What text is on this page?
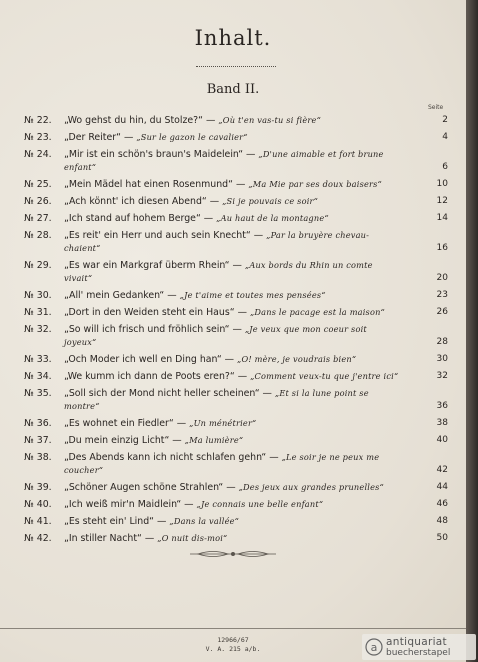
Inhalt.
Band II.
Seite
№ 22. „Wo gehst du hin, du Stolze?“ — „Où t'en vas-tu si fière“	2
№ 23. „Der Reiter“ — „Sur le gazon le cavalier“	4
№ 24. „Mir ist ein schön's braun's Maidelein“ — „D'une aimable et fort brune
enfant“	6
№ 25. „Mein Mädel hat einen Rosenmund“ — „Ma Mie par ses doux baisers“	10
№ 26. „Ach könnt' ich diesen Abend“ — „Si je pouvais ce soir“	12
№ 27. „Ich stand auf hohem Berge“ — „Au haut de la montagne“	14
№ 28. „Es reit' ein Herr und auch sein Knecht“ — „Par la bruyère chevau-
chaient“	16
№ 29. „Es war ein Markgraf überm Rhein“ — „Aux bords du Rhin un comte
vivait“	20
№ 30. „All' mein Gedanken“ — „Je t'aime et toutes mes pensées“	23
№ 31. „Dort in den Weiden steht ein Haus“ — „Dans le pacage est la maison“	26
№ 32. „So will ich frisch und fröhlich sein“ — „Je veux que mon coeur soit
joyeux“	28
№ 33. „Och Moder ich well en Ding han“ — „O! mère, je voudrais bien“	30
№ 34. „We kumm ich dann de Poots eren?“ — „Comment veux-tu que j'entre ici“	32
№ 35. „Soll sich der Mond nicht heller scheinen“ — „Et si la lune point se
montre“	36
№ 36. „Es wohnet ein Fiedler“ — „Un ménétrier“	38
№ 37. „Du mein einzig Licht“ — „Ma lumière“	40
№ 38. „Des Abends kann ich nicht schlafen gehn“ — „Le soir je ne peux me
coucher“	42
№ 39. „Schöner Augen schöne Strahlen“ — „Des jeux aux grandes prunelles“	44
№ 40. „Ich weiß mir'n Maidlein“ — „Je connais une belle enfant“	46
№ 41. „Es steht ein' Lind“ — „Dans la vallée“	48
№ 42. „In stiller Nacht“ — „O nuit dis-moi“	50
12966/67
V. A. 215 a/b.	a antiquariat
buecherstapel
